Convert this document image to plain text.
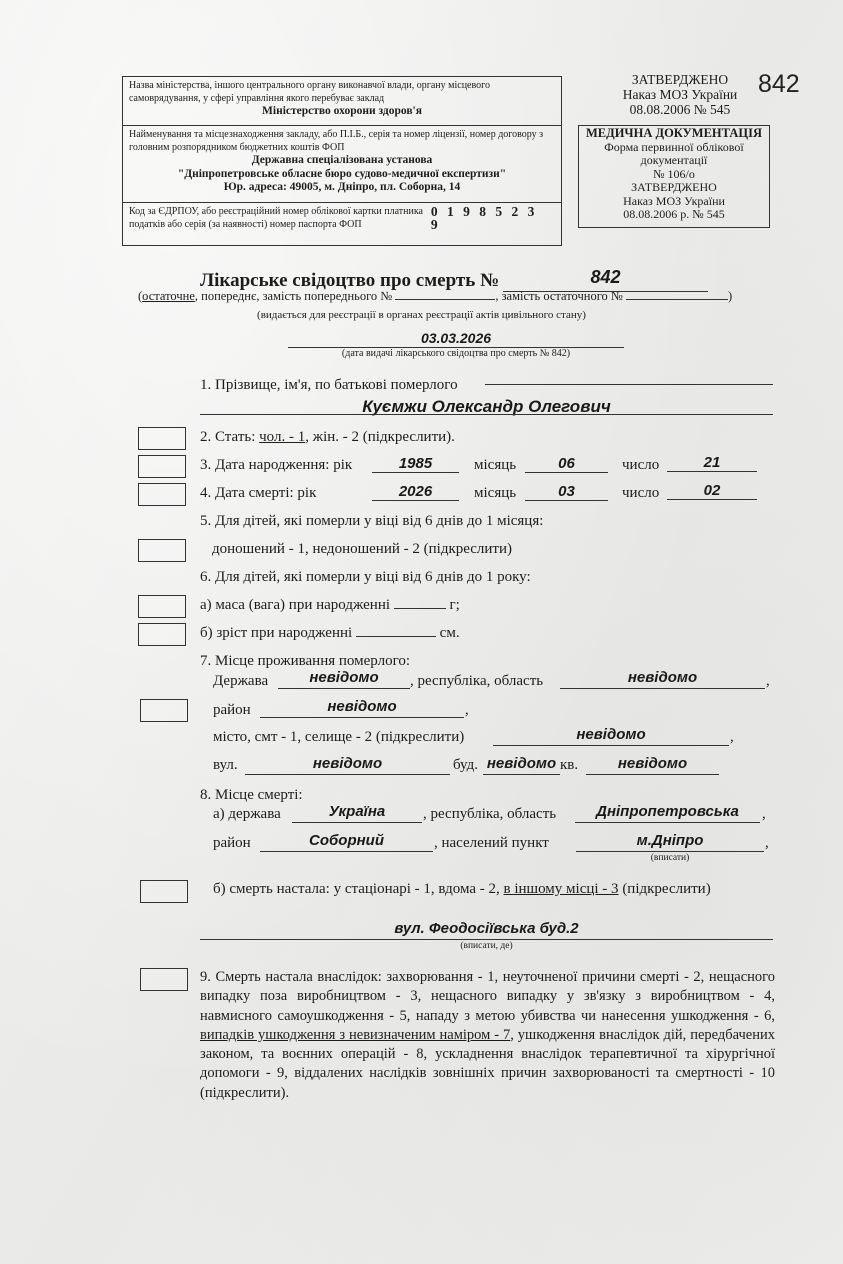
Назва міністерства, іншого центрального органу виконавчої влади, органу місцевого самоврядування, у сфері управління якого перебуває заклад
Міністерство охорони здоров'я
Найменування та місцезнаходження закладу, або П.І.Б., серія та номер ліцензії, номер договору з головним розпорядником бюджетних коштів ФОП
Державна спеціалізована установа
"Дніпропетровське обласне бюро судово-медичної експертизи"
Юр. адреса: 49005, м. Дніпро, пл. Соборна, 14
Код за ЄДРПОУ, або реєстраційний номер облікової картки платника податків або серія (за наявності) номер паспорта ФОП
0 1 9 8 5 2 3 9
ЗАТВЕРДЖЕНО
Наказ МОЗ України
08.08.2006 № 545
842
МЕДИЧНА ДОКУМЕНТАЦІЯ
Форма первинної облікової
документації
№ 106/о
ЗАТВЕРДЖЕНО
Наказ МОЗ України
08.08.2006 р. № 545
Лікарське свідоцтво про смерть №	842
(остаточне, попереднє, замість попереднього №	, замість остаточного №	)
(видається для реєстрації в органах реєстрації актів цивільного стану)
03.03.2026
(дата видачі лікарського свідоцтва про смерть № 842)
1. Прізвище, ім'я, по батькові померлого
Куємжи Олександр Олегович
2. Стать: чол. - 1, жін. - 2 (підкреслити).
3. Дата народження: рік	1985	місяць	06	число	21
4. Дата смерті: рік	2026	місяць	03	число	02
5. Для дітей, які померли у віці від 6 днів до 1 місяця:
доношений - 1, недоношений - 2 (підкреслити)
6. Для дітей, які померли у віці від 6 днів до 1 року:
а) маса (вага) при народженні	г;
б) зріст при народженні	см.
7. Місце проживання померлого:
Держава	невідомо	, республіка, область	невідомо	,
район	невідомо	,
місто, смт - 1, селище - 2 (підкреслити)	невідомо	,
вул.	невідомо	буд. невідомо кв.	невідомо
8. Місце смерті:
а) держава	Україна	, республіка, область	Дніпропетровська	,
район	Соборний	, населений пункт	м.Дніпро	,
(вписати)
б) смерть настала: у стаціонарі - 1, вдома - 2, в іншому місці - 3 (підкреслити)
вул. Феодосіївська буд.2
(вписати, де)
9. Смерть настала внаслідок: захворювання - 1, неуточненої причини смерті - 2, нещасного випадку поза виробництвом - 3, нещасного випадку у зв'язку з виробництвом - 4, навмисного самоушкодження - 5, нападу з метою убивства чи нанесення ушкодження - 6, випадків ушкодження з невизначеним наміром - 7, ушкодження внаслідок дій, передбачених законом, та воєнних операцій - 8, ускладнення внаслідок терапевтичної та хірургічної допомоги - 9, віддалених наслідків зовнішніх причин захворюваності та смертності - 10 (підкреслити).
